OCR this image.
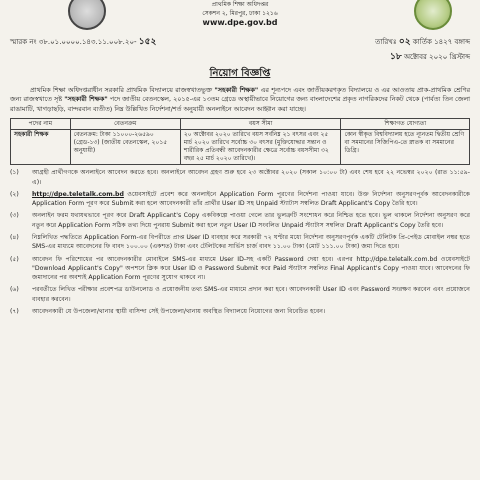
প্রাথমিক শিক্ষা অধিদপ্তর
সেকশন ২, মিরপুর, ঢাকা ১২১৬
www.dpe.gov.bd
স্মারক নং ৩৮.০১.০০০০.১৪৩.১১.০০৮.২০- ১৫২	তারিখঃ ০২ কার্তিক ১৪২৭ বঙ্গাব্দ
১৮ অক্টোবর ২০২০ খ্রিস্টাব্দ
নিয়োগ বিজ্ঞপ্তি
প্রাথমিক শিক্ষা অধিদপ্তরাধীন সরকারি প্রাথমিক বিদ্যালয়ে রাজস্বখাতভুক্ত "সহকারী শিক্ষক" এর শূন্যপদে এবং জাতীয়করণকৃত বিদ্যালয়ে ও এর আওতায় প্রাক-প্রাথমিক শ্রেণির জন্য রাজস্বখাতে সৃষ্ট "সহকারী শিক্ষক" পদে জাতীয় বেতনস্কেল, ২০১৫-এর ১৩তম গ্রেডে অস্থায়ীভাবে নিয়োগের জন্য বাংলাদেশের প্রকৃত নাগরিকদের নিকট থেকে (পার্বত্য তিন জেলা রাঙামাটি, খাগড়াছড়ি, বান্দরবান ব্যতীত) নিম্ন উল্লিখিত নির্দেশনা/শর্ত অনুযায়ী অনলাইনে আবেদন আহ্বান করা যাচ্ছে।
পদের নাম	বেতনক্রম	বয়স সীমা	শিক্ষাগত যোগ্যতা
সহকারী শিক্ষক	বেতনক্রম: টাকা ১১০০০-২৬৫৯০ (গ্রেড-১৩) (জাতীয় বেতনস্কেল, ২০১৫ অনুযায়ী)	২০ অক্টোবর ২০২০ তারিখে বয়স সর্বনিম্ন ২১ বৎসর এবং ২৫ মার্চ ২০২০ তারিখে সর্বোচ্চ ৩০ বৎসর (মুক্তিযোদ্ধার সন্তান ও শারীরিক প্রতিবন্ধী আবেদনকারীর ক্ষেত্রে সর্বোচ্চ বয়সসীমা ৩২ বছর ২৫ মার্চ ২০২০ তারিখে)।	কোন স্বীকৃত বিশ্ববিদ্যালয় হতে ন্যূনতম দ্বিতীয় শ্রেণি বা সমমানের সিজিপিএ-তে স্নাতক বা সমমানের ডিগ্রি।
(১)	আগ্রহী প্রার্থীগণকে অনলাইনে আবেদন করতে হবে। অনলাইনে আবেদন গ্রহণ শুরু হবে ২৩ অক্টোবর ২০২০ (সকাল ১০:০০ টা) এবং শেষ হবে ২২ নভেম্বর ২০২০ (রাত ১১:৫৯-এ)।
(২)	http://dpe.teletalk.com.bd ওয়েবসাইটে প্রবেশ করে অনলাইনে Application Form পূরণের নির্দেশনা পাওয়া যাবে। উক্ত নির্দেশনা অনুসরণপূর্বক আবেদনকারীকে Application Form পূরণ করে Submit করা হলে আবেদনকারী তাঁর প্রার্থীর User ID সহ Unpaid স্ট্যাটাস সম্বলিত Draft Applicant's Copy তৈরি হবে।
(৩)	অনলাইন ফরম যথাযথভাবে পূরণ করে Draft Applicant's Copy একবিকল্পে পাওয়া গেলে তার ভুলত্রুটি সংশোধন করে নিশ্চিত হতে হবে। ভুল থাকলে নির্দেশনা অনুসরণ করে নতুন করে Application Form সঠিক তথ্য দিয়ে পুনরায় Submit করা হলে নতুন User ID সংবলিত Unpaid স্ট্যাটাস সম্বলিত Draft Applicant's Copy তৈরি হবে।
(৪)	নিম্নলিখিত পদ্ধতিতে Application Form-এর বিপরীতে প্রাপ্ত User ID ব্যবহার করে সরকারী ৭২ ঘণ্টার মধ্যে নির্দেশনা অনুসরণপূর্বক একটি টেলিটক প্রি-পেইড মোবাইল নম্বর হতে SMS-এর মাধ্যমে আবেদনের ফি বাবদ ১০০.০০ (একশত) টাকা এবং টেলিটকের সার্ভিস চার্জ বাবদ ১১.০০ টাকা (মোট ১১১.০০ টাকা) জমা দিতে হবে।
(৫)	আবেদন ফি পরিশোধের পর আবেদনকারীর মোবাইলে SMS-এর মাধ্যমে User ID-সহ একটি Password দেয়া হবে। এরপর http://dpe.teletalk.com.bd ওয়েবসাইটে "Download Applicant's Copy" অপশনে ক্লিক করে User ID ও Password Submit করে Paid স্ট্যাটাস সম্বলিত Final Applicant's Copy পাওয়া যাবে। আবেদনের ফি জমাদানের পর অবশ্যই Application Form পূরণের সুযোগ থাকবে না।
(৬)	পরবর্তীতে লিখিত পরীক্ষার প্রবেশপত্র ডাউনলোড ও প্রয়োজনীয় তথ্য SMS-এর মাধ্যমে প্রদান করা হবে। আবেদনকারী User ID এবং Password সংরক্ষণ করবেন এবং প্রয়োজনে ব্যবহার করবেন।
(৭)	আবেদনকারী যে উপজেলা/থানার স্থায়ী বাসিন্দা সেই উপজেলা/থানায় অবস্থিত বিদ্যালয়ে নিয়োগের জন্য বিবেচিত হবেন।
